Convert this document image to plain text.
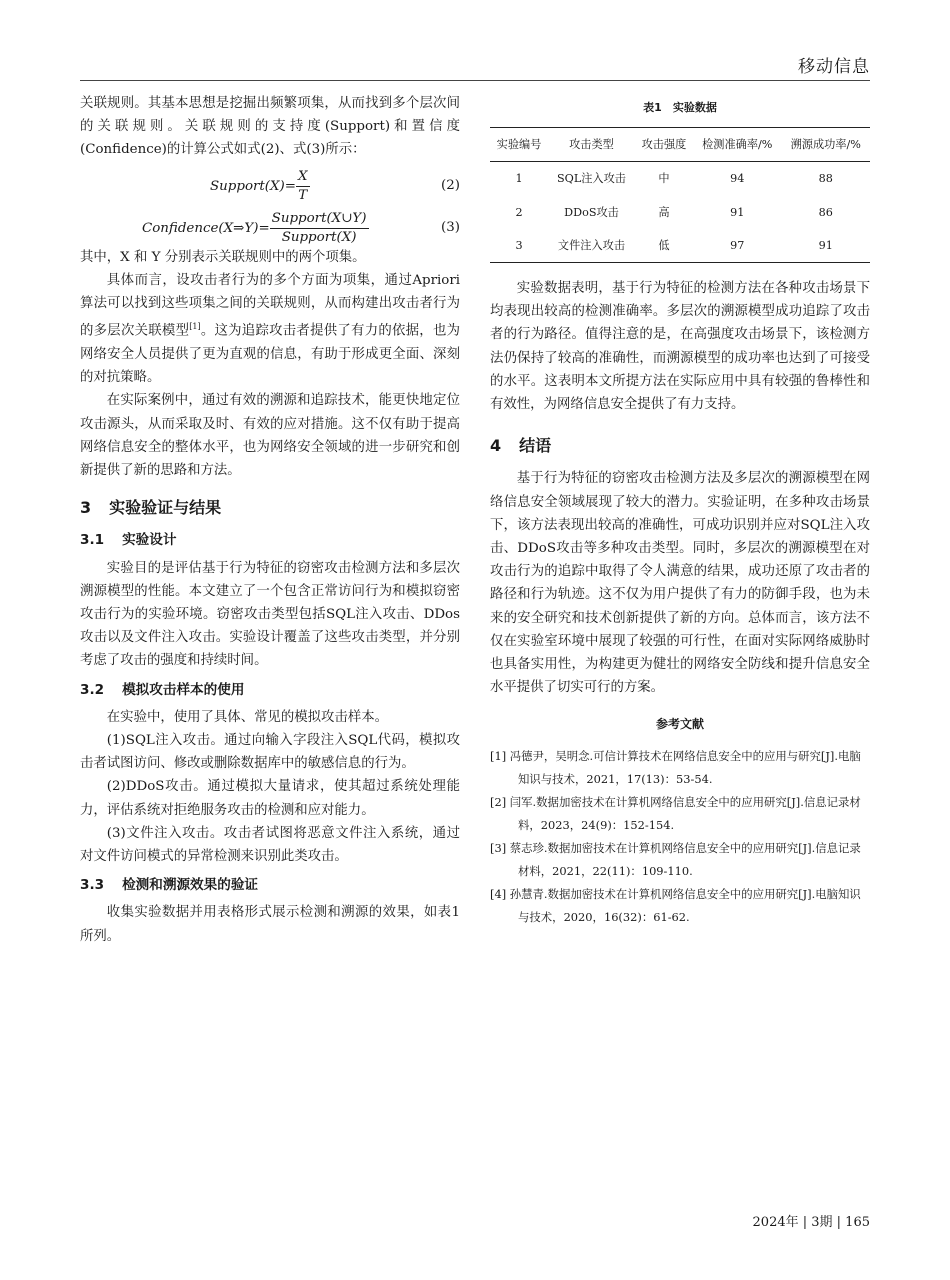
移动信息

关联规则。其基本思想是挖掘出频繁项集，从而找到多个层次间的关联规则。关联规则的支持度(Support)和置信度(Confidence)的计算公式如式(2)、式(3)所示：

Support(X)= $\frac{X}{T}$	(2)
Confidence(X⇒Y)= $\frac{\text{Support(X∪Y)}}{\text{Support(X)}}$	(3)

其中，X 和 Y 分别表示关联规则中的两个项集。

具体而言，设攻击者行为的多个方面为项集，通过Apriori算法可以找到这些项集之间的关联规则，从而构建出攻击者行为的多层次关联模型[1]。这为追踪攻击者提供了有力的依据，也为网络安全人员提供了更为直观的信息，有助于形成更全面、深刻的对抗策略。

在实际案例中，通过有效的溯源和追踪技术，能更快地定位攻击源头，从而采取及时、有效的应对措施。这不仅有助于提高网络信息安全的整体水平，也为网络安全领域的进一步研究和创新提供了新的思路和方法。

3 实验验证与结果
3.1 实验设计

实验目的是评估基于行为特征的窃密攻击检测方法和多层次溯源模型的性能。本文建立了一个包含正常访问行为和模拟窃密攻击行为的实验环境。窃密攻击类型包括SQL注入攻击、DDos攻击以及文件注入攻击。实验设计覆盖了这些攻击类型，并分别考虑了攻击的强度和持续时间。

3.2 模拟攻击样本的使用

在实验中，使用了具体、常见的模拟攻击样本。

(1)SQL注入攻击。通过向输入字段注入SQL代码，模拟攻击者试图访问、修改或删除数据库中的敏感信息的行为。

(2)DDoS攻击。通过模拟大量请求，使其超过系统处理能力，评估系统对拒绝服务攻击的检测和应对能力。

(3)文件注入攻击。攻击者试图将恶意文件注入系统，通过对文件访问模式的异常检测来识别此类攻击。

3.3 检测和溯源效果的验证

收集实验数据并用表格形式展示检测和溯源的效果，如表1所列。

表1　实验数据
实验编号	攻击类型	攻击强度	检测准确率/%	溯源成功率/%
1	SQL注入攻击	中	94	88
2	DDoS攻击	高	91	86
3	文件注入攻击	低	97	91

实验数据表明，基于行为特征的检测方法在各种攻击场景下均表现出较高的检测准确率。多层次的溯源模型成功追踪了攻击者的行为路径。值得注意的是，在高强度攻击场景下，该检测方法仍保持了较高的准确性，而溯源模型的成功率也达到了可接受的水平。这表明本文所提方法在实际应用中具有较强的鲁棒性和有效性，为网络信息安全提供了有力支持。

4 结语

基于行为特征的窃密攻击检测方法及多层次的溯源模型在网络信息安全领域展现了较大的潜力。实验证明，在多种攻击场景下，该方法表现出较高的准确性，可成功识别并应对SQL注入攻击、DDoS攻击等多种攻击类型。同时，多层次的溯源模型在对攻击行为的追踪中取得了令人满意的结果，成功还原了攻击者的路径和行为轨迹。这不仅为用户提供了有力的防御手段，也为未来的安全研究和技术创新提供了新的方向。总体而言，该方法不仅在实验室环境中展现了较强的可行性，在面对实际网络威胁时也具备实用性，为构建更为健壮的网络安全防线和提升信息安全水平提供了切实可行的方案。

参考文献

[1] 冯德尹，吴明念.可信计算技术在网络信息安全中的应用与研究[J].电脑知识与技术，2021，17(13)：53-54.

[2] 闫军.数据加密技术在计算机网络信息安全中的应用研究[J].信息记录材料，2023，24(9)：152-154.

[3] 蔡志珍.数据加密技术在计算机网络信息安全中的应用研究[J].信息记录材料，2021，22(11)：109-110.

[4] 孙慧青.数据加密技术在计算机网络信息安全中的应用研究[J].电脑知识与技术，2020，16(32)：61-62.

2024年 | 3期 | 165
